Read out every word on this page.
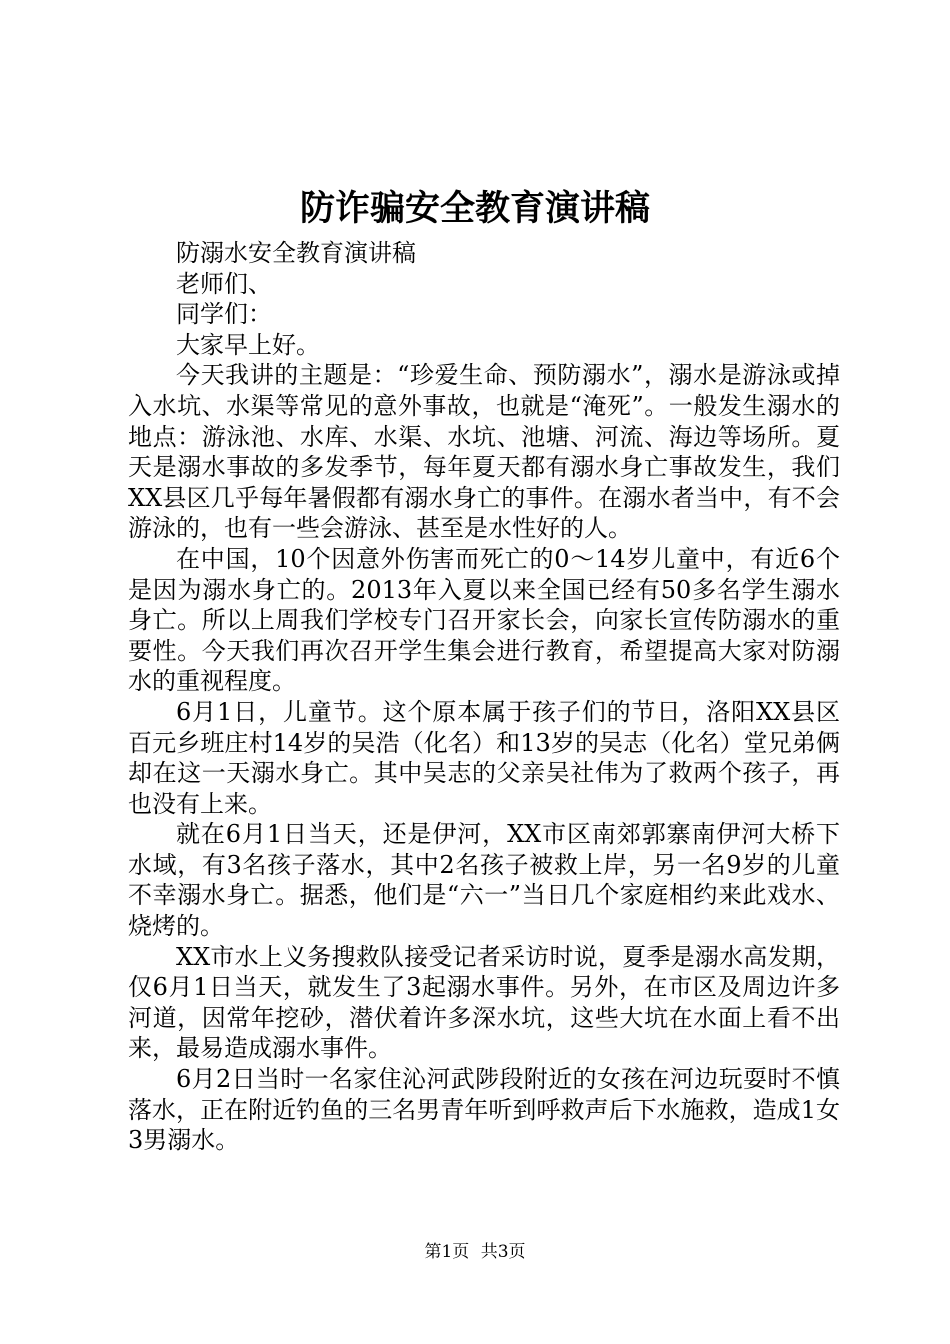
防诈骗安全教育演讲稿

防溺水安全教育演讲稿

老师们、

同学们：

大家早上好。

今天我讲的主题是：“珍爱生命、预防溺水”，溺水是游泳或掉入水坑、水渠等常见的意外事故，也就是“淹死”。一般发生溺水的地点：游泳池、水库、水渠、水坑、池塘、河流、海边等场所。夏天是溺水事故的多发季节，每年夏天都有溺水身亡事故发生，我们XX县区几乎每年暑假都有溺水身亡的事件。在溺水者当中，有不会游泳的，也有一些会游泳、甚至是水性好的人。

在中国，10个因意外伤害而死亡的0～14岁儿童中，有近6个是因为溺水身亡的。2013年入夏以来全国已经有50多名学生溺水身亡。所以上周我们学校专门召开家长会，向家长宣传防溺水的重要性。今天我们再次召开学生集会进行教育，希望提高大家对防溺水的重视程度。

6月1日，儿童节。这个原本属于孩子们的节日，洛阳XX县区百元乡班庄村14岁的吴浩（化名）和13岁的吴志（化名）堂兄弟俩却在这一天溺水身亡。其中吴志的父亲吴社伟为了救两个孩子，再也没有上来。

就在6月1日当天，还是伊河，XX市区南郊郭寨南伊河大桥下水域，有3名孩子落水，其中2名孩子被救上岸，另一名9岁的儿童不幸溺水身亡。据悉，他们是“六一”当日几个家庭相约来此戏水、烧烤的。

XX市水上义务搜救队接受记者采访时说，夏季是溺水高发期，仅6月1日当天，就发生了3起溺水事件。另外，在市区及周边许多河道，因常年挖砂，潜伏着许多深水坑，这些大坑在水面上看不出来，最易造成溺水事件。

6月2日当时一名家住沁河武陟段附近的女孩在河边玩耍时不慎落水，正在附近钓鱼的三名男青年听到呼救声后下水施救，造成1女3男溺水。

第1页 共3页
